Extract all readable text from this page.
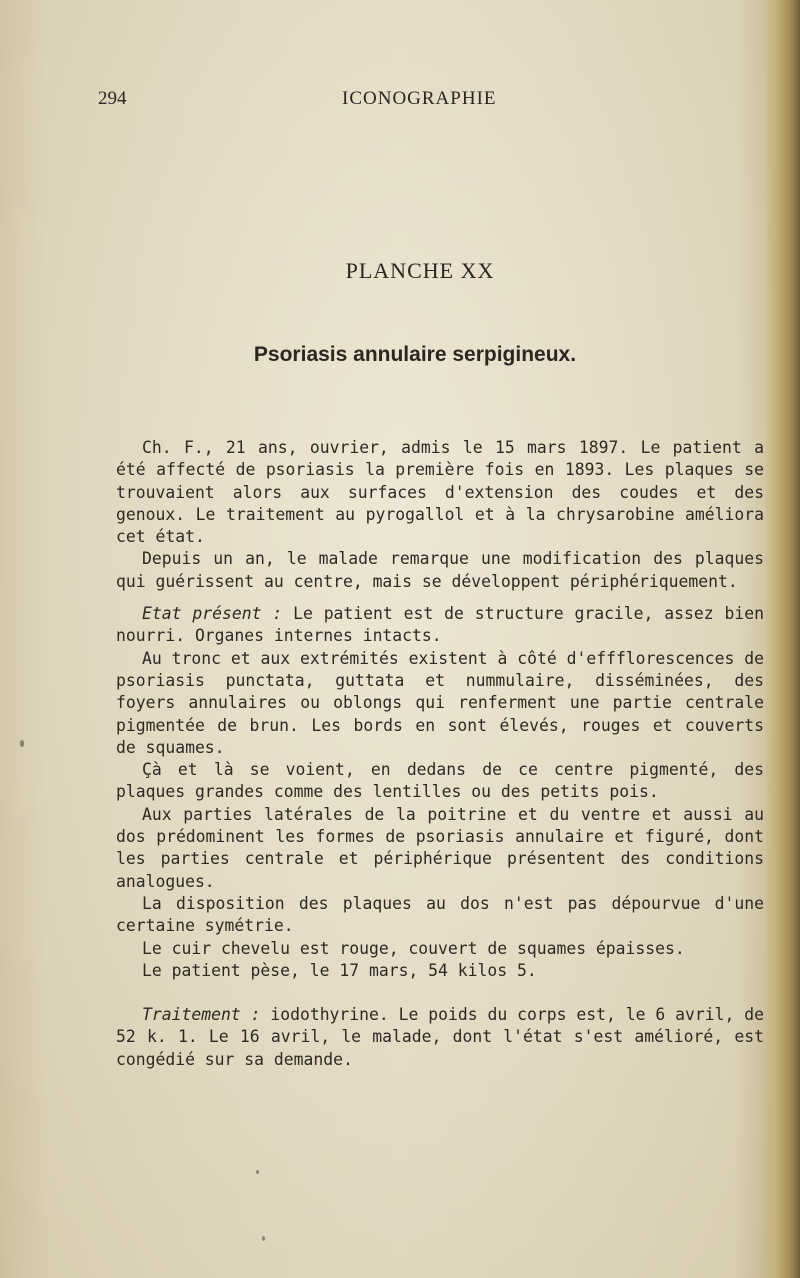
294	ICONOGRAPHIE
PLANCHE XX
Psoriasis annulaire serpigineux.

Ch. F., 21 ans, ouvrier, admis le 15 mars 1897. Le patient a été affecté de psoriasis la première fois en 1893. Les plaques se trouvaient alors aux surfaces d'extension des coudes et des genoux. Le traitement au pyrogallol et à la chrysarobine améliora cet état.

Depuis un an, le malade remarque une modification des plaques qui guérissent au centre, mais se développent périphériquement.

Etat présent : Le patient est de structure gracile, assez bien nourri. Organes internes intacts.

Au tronc et aux extrémités existent à côté d'effflorescences de psoriasis punctata, guttata et nummulaire, disséminées, des foyers annulaires ou oblongs qui renferment une partie centrale pigmentée de brun. Les bords en sont élevés, rouges et couverts de squames.

Çà et là se voient, en dedans de ce centre pigmenté, des plaques grandes comme des lentilles ou des petits pois.

Aux parties latérales de la poitrine et du ventre et aussi au dos prédominent les formes de psoriasis annulaire et figuré, dont les parties centrale et périphérique présentent des conditions analogues.

La disposition des plaques au dos n'est pas dépourvue d'une certaine symétrie.

Le cuir chevelu est rouge, couvert de squames épaisses.

Le patient pèse, le 17 mars, 54 kilos 5.

Traitement : iodothyrine. Le poids du corps est, le 6 avril, de 52 k. 1. Le 16 avril, le malade, dont l'état s'est amélioré, est congédié sur sa demande.
